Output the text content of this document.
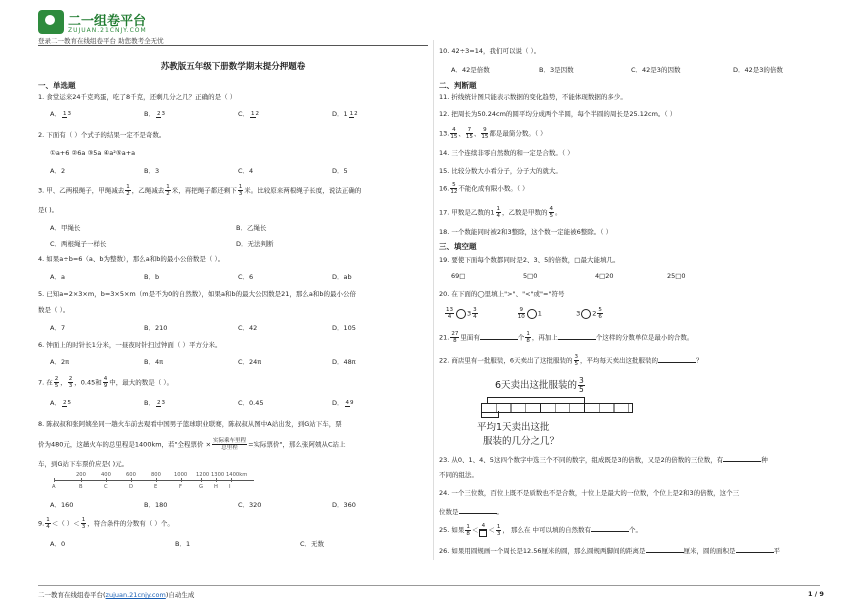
二一组卷平台
ZUJUAN.21CNJY.COM
登录二一教育在线组卷平台 助您教考全无忧
苏教版五年级下册数学期末提分押题卷
一、单选题
1. 食堂运来24千克鸡蛋，吃了8千克，还剩几分之几？正确的是（ ）
A． 13	B． 23	C． 12	D．1 12
2. 下面有（ ）个式子的结果一定不是奇数。
①a+6 ②6a ③5a ④a²⑤a+a
A．2	B．3	C．4	D．5
3. 甲、乙两根绳子，甲绳减去 $\frac{1}{2}$ ，乙绳减去 $\frac{1}{2}$ 米，再把绳子都还剩下 $\frac{1}{3}$ 米。比较原来两根绳子长度，说法正确的
是( )。
A．甲绳长	B．乙绳长
C．两根绳子一样长	D．无法判断
4. 如果a÷b=6（a、b为整数），那么a和b的最小公倍数是（ ）。
A．a	B．b	C．6	D．ab
5. 已知a=2×3×m，b=3×5×m（m是不为0的自然数），如果a和b的最大公因数是21，那么a和b的最小公倍
数是（ ）。
A．7	B．210	C．42	D．105
6. 钟面上的时针长1分米，一昼夜时针扫过钟面（ ）平方分米。
A．2π	B．4π	C．24π	D．48π
7. 在 $\frac{2}{5}$ ， $\frac{2}{3}$ ，0.45和 $\frac{4}{9}$ 中，最大的数是（ ）。
A． 25	B． 23	C．0.45	D． 49
8. 陈叔叔和张阿姨坐同一趟火车前去观看中国男子篮球职业联赛，陈叔叔从图中A站出发，到G站下车，票
价为480元，这趟火车的总里程是1400km，若"全程票价 × $\frac{\text{实际乘车里程}}{\text{总里程}}$ =实际票价"，那么张阿姨从C站上
车，到G站下车票价应是( )元。
200	400	600	800	1000 1200 1300 1400km
A	B	C	D	E	F	G H I
A．160	B．180	C．320	D．360
9. $\frac{1}{4}$ ＜（ ）＜ $\frac{1}{3}$ ，符合条件的分数有（ ）个。
A．0	B．1	C．无数
10. 42÷3=14，我们可以说（ ）。
A．42是倍数	B．3是因数	C．42是3的因数	D．42是3的倍数
二、判断题
11. 折线统计图只能表示数据的变化趋势，不能体现数据的多少。
12. 把周长为50.24cm的圆平均分成两个半圆，每个半圆的周长是25.12cm。（ ）
13. $\frac{4}{15}$ 、 $\frac{7}{15}$ 、 $\frac{9}{15}$ 都是最简分数。（ ）
14. 三个连续非零自然数的和一定是合数。（ ）
15. 比较分数大小看分子，分子大的就大。
16. $\frac{5}{12}$ 不能化成有限小数。（ ）
17. 甲数是乙数的$1 \frac{1}{4}$ ，乙数是甲数的 $\frac{4}{5}$ 。
18. 一个数能同时被2和3整除，这个数一定能被6整除。（ ）
三、填空题
19. 要使下面每个数都同时是2、3、5的倍数，□最大能填几。
69□	5□0	4□20	25□0
20. 在下面的◯里填上">"、"<"或"="符号
$\frac{13}{4} 3 \frac{3}{4}$
	$\frac{9}{10} 1$	3 $2 \frac{5}{6}$
21. $\frac{27}{8}$ 里面有	个 $\frac{1}{8}$ ，再加上	个这样的分数单位是最小的合数。
22. 商店里有一批服装，6天卖出了这批服装的 $\frac{3}{5}$ ，平均每天卖出这批服装的	？
6天卖出这批服装的 $\frac{3}{5}$
平均1天卖出这批
服装的几分之几？
23. 从0、1、4、5这四个数字中选三个不同的数字，组成既是3的倍数，又是2的倍数的三位数，有	种
不同的组法。
24. 一个三位数，百位上既不是质数也不是合数，十位上是最大的一位数，个位上是2和3的倍数，这个三
位数是	。
25. 如果 $\frac{1}{8} < 4 < \frac{1}{3}$ ， 那么在 中可以填的自然数有	个。
26. 如果用圆规画一个周长是12.56厘米的圆，那么圆规两脚间的距离是	厘米，圆的面积是	平
二一教育在线组卷平台(zujuan.21cnjy.com)自动生成	1 / 9
